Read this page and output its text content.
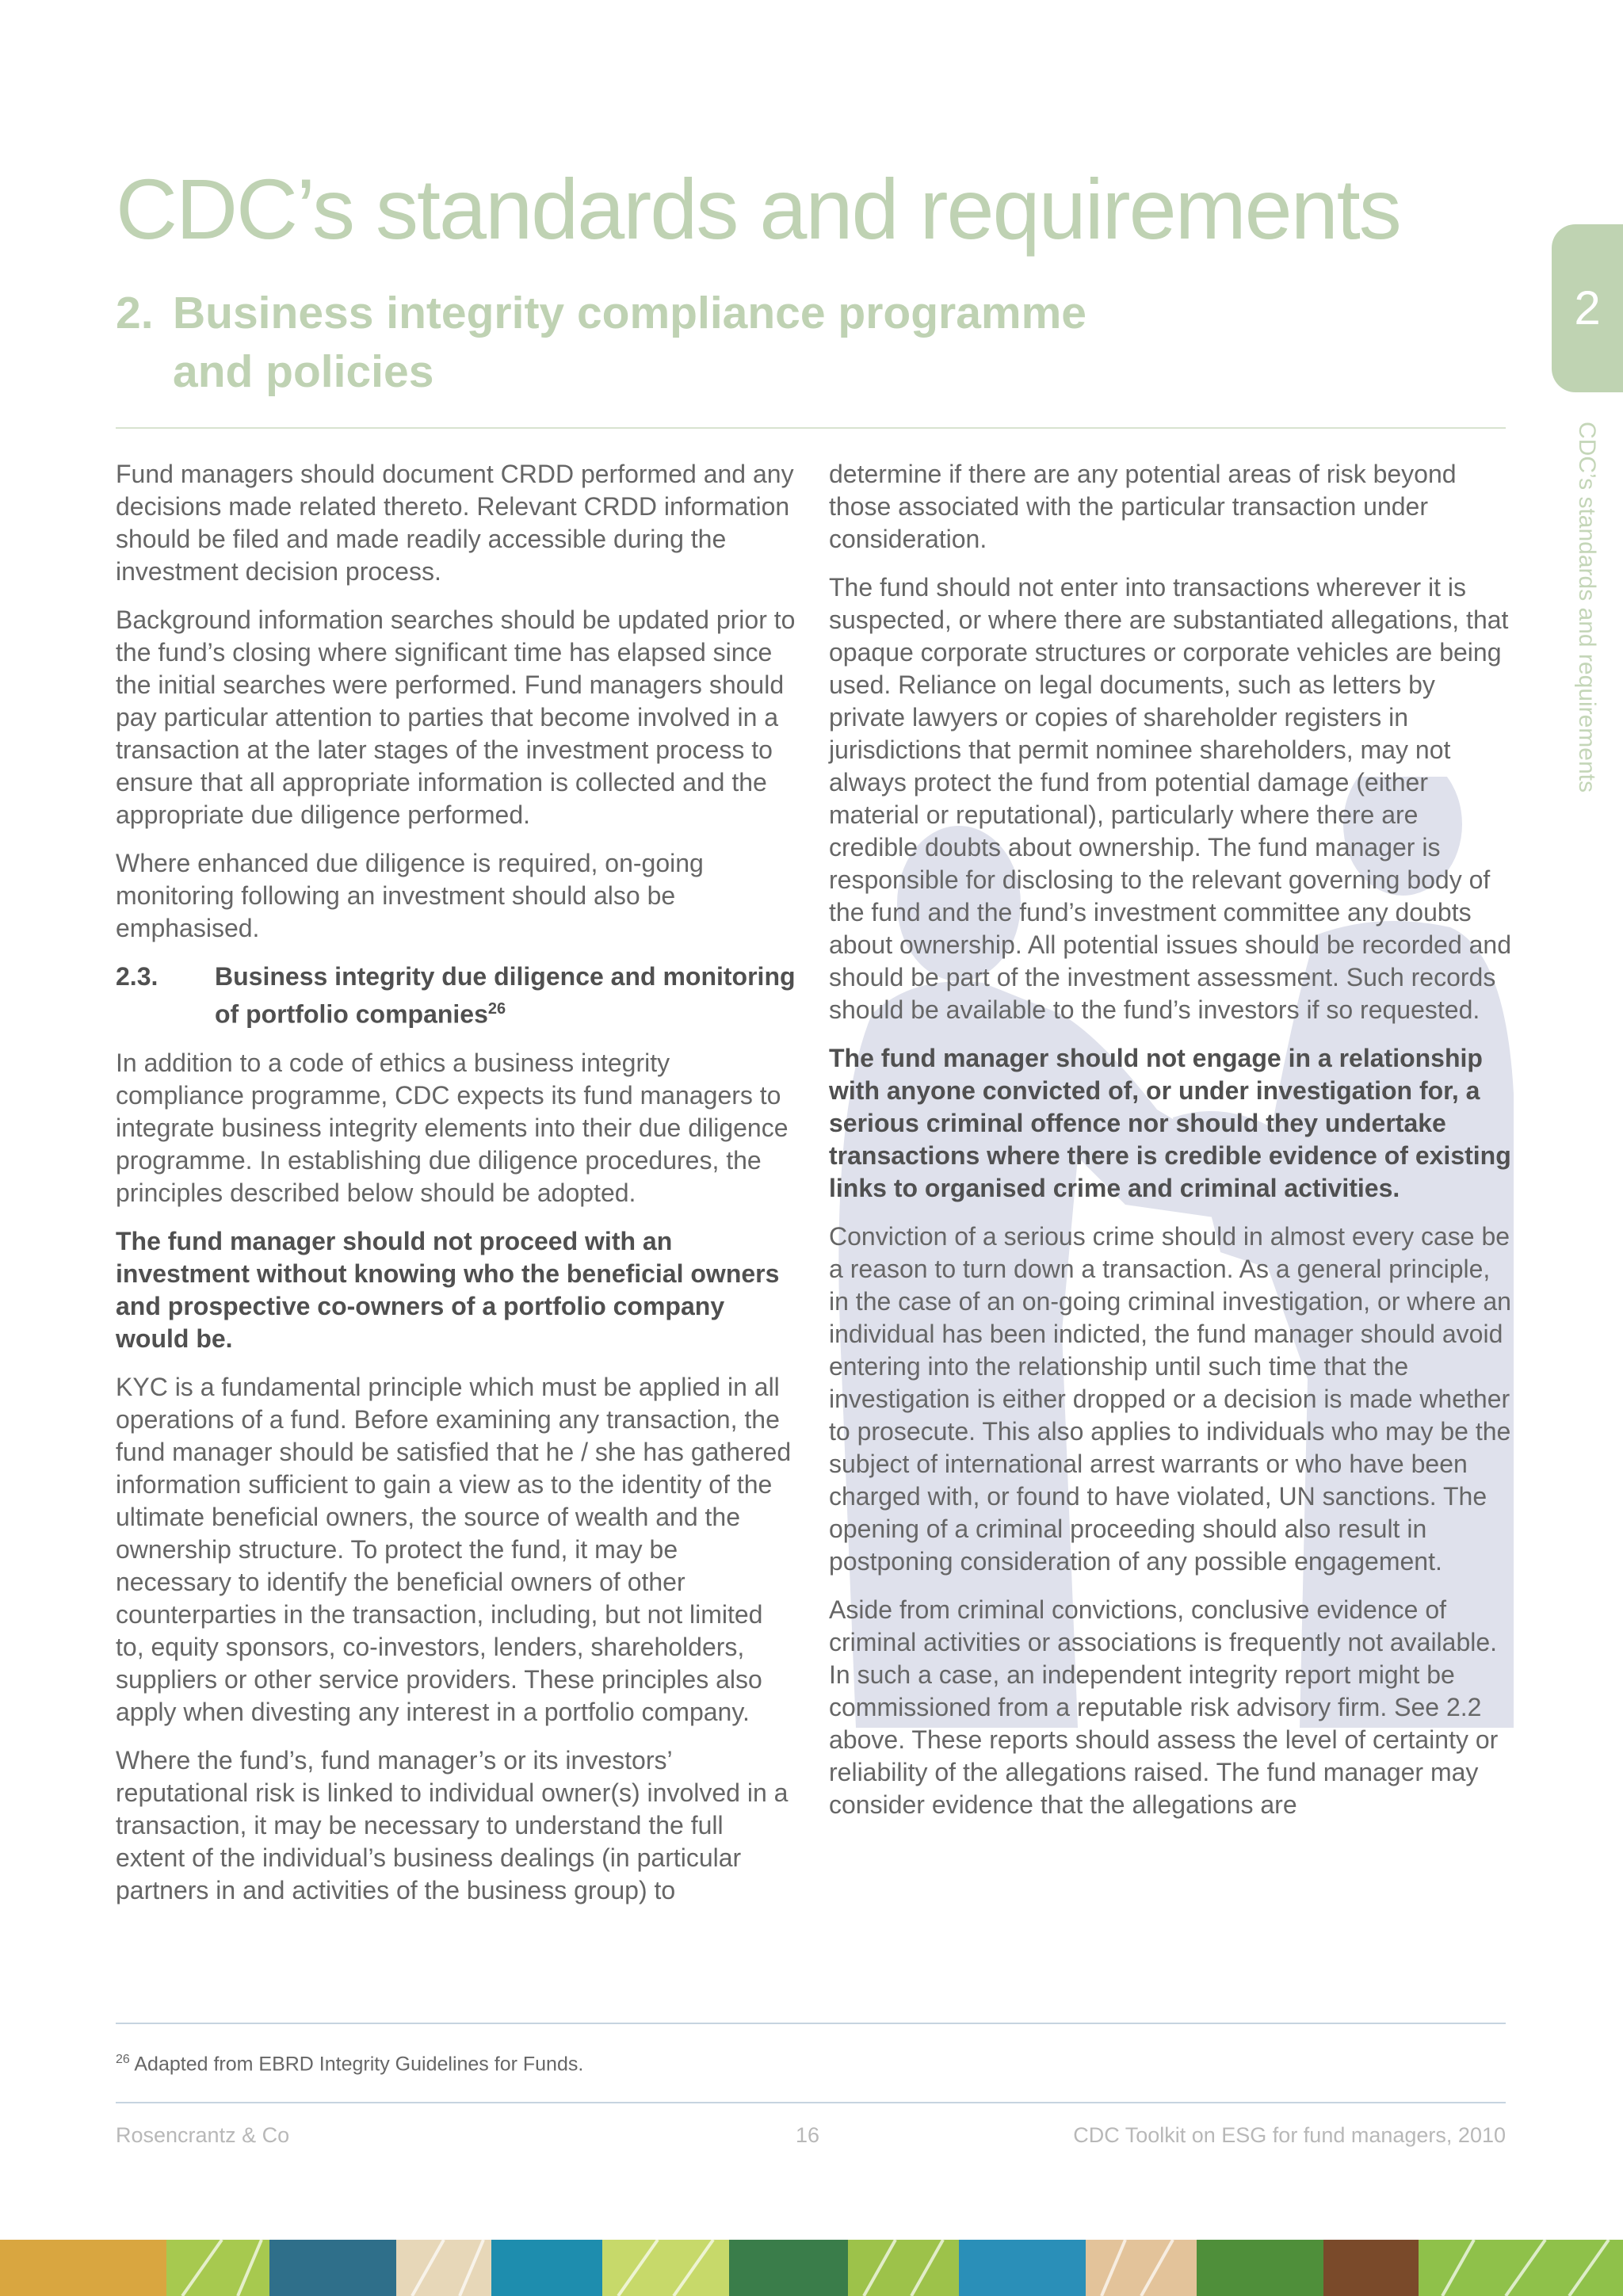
CDC’s standards and requirements
2. Business integrity compliance programme
and policies
2
CDC’s standards and requirements

Fund managers should document CRDD performed and any decisions made related thereto. Relevant CRDD information should be filed and made readily accessible during the investment decision process.

Background information searches should be updated prior to the fund’s closing where significant time has elapsed since the initial searches were performed. Fund managers should pay particular attention to parties that become involved in a transaction at the later stages of the investment process to ensure that all appropriate information is collected and the appropriate due diligence performed.

Where enhanced due diligence is required, on-going monitoring following an investment should also be emphasised.

2.3.	Business integrity due diligence and monitoring of portfolio companies$^{26}$

In addition to a code of ethics a business integrity compliance programme, CDC expects its fund managers to integrate business integrity elements into their due diligence programme. In establishing due diligence procedures, the principles described below should be adopted.

The fund manager should not proceed with an investment without knowing who the beneficial owners and prospective co-owners of a portfolio company would be.

KYC is a fundamental principle which must be applied in all operations of a fund. Before examining any transaction, the fund manager should be satisfied that he / she has gathered information sufficient to gain a view as to the identity of the ultimate beneficial owners, the source of wealth and the ownership structure. To protect the fund, it may be necessary to identify the beneficial owners of other counterparties in the transaction, including, but not limited to, equity sponsors, co-investors, lenders, shareholders, suppliers or other service providers. These principles also apply when divesting any interest in a portfolio company.

Where the fund’s, fund manager’s or its investors’ reputational risk is linked to individual owner(s) involved in a transaction, it may be necessary to understand the full extent of the individual’s business dealings (in particular partners in and activities of the business group) to

determine if there are any potential areas of risk beyond those associated with the particular transaction under consideration.

The fund should not enter into transactions wherever it is suspected, or where there are substantiated allegations, that opaque corporate structures or corporate vehicles are being used. Reliance on legal documents, such as letters by private lawyers or copies of shareholder registers in jurisdictions that permit nominee shareholders, may not always protect the fund from potential damage (either material or reputational), particularly where there are credible doubts about ownership. The fund manager is responsible for disclosing to the relevant governing body of the fund and the fund’s investment committee any doubts about ownership. All potential issues should be recorded and should be part of the investment assessment. Such records should be available to the fund’s investors if so requested.

The fund manager should not engage in a relationship with anyone convicted of, or under investigation for, a serious criminal offence nor should they undertake transactions where there is credible evidence of existing links to organised crime and criminal activities.

Conviction of a serious crime should in almost every case be a reason to turn down a transaction. As a general principle, in the case of an on-going criminal investigation, or where an individual has been indicted, the fund manager should avoid entering into the relationship until such time that the investigation is either dropped or a decision is made whether to prosecute. This also applies to individuals who may be the subject of international arrest warrants or who have been charged with, or found to have violated, UN sanctions. The opening of a criminal proceeding should also result in postponing consideration of any possible engagement.

Aside from criminal convictions, conclusive evidence of criminal activities or associations is frequently not available. In such a case, an independent integrity report might be commissioned from a reputable risk advisory firm. See 2.2 above. These reports should assess the level of certainty or reliability of the allegations raised. The fund manager may consider evidence that the allegations are

$^{26}$ Adapted from EBRD Integrity Guidelines for Funds.
Rosencrantz & Co	16	CDC Toolkit on ESG for fund managers, 2010
